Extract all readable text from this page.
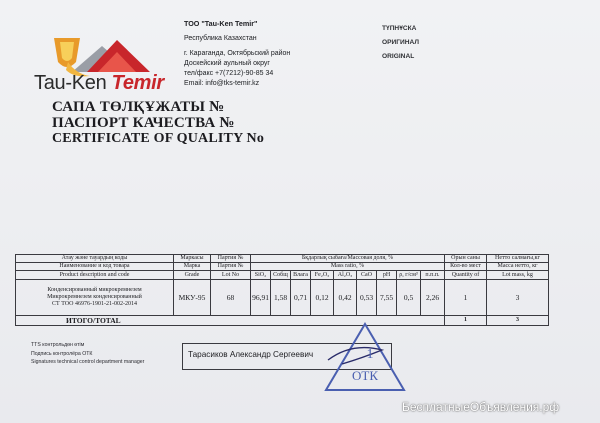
Tau-Ken Temir
ТОО "Tau-Ken Temir"
Республика Казахстан
г. Караганда, Октябрьский район
Доскейский аульный округ
тел/факс +7(7212)-90-85 34
Email: info@tks-temir.kz
ТҮПНҰСКА
ОРИГИНАЛ
ORIGINAL
САПА ТӨЛҚҰЖАТЫ №
ПАСПОРТ КАЧЕСТВА №
CERTIFICATE OF QUALITY No
Атау және тауардың коды	Маркасы	Партия №	Бқдарлық сыбаға/Массовая доля, %									Орын саны	Нетто салмағы,кг
Наименование и код товара	Марка	Партия №	Mass ratio, %									Кол-во мест	Масса нетто, кг
Product description and code	Grade	Lot No	SiO₂	Собщ	Влага	Fe₂O₃	Al₂O₃	CaO	pH	ρ, г/см³	п.п.п.	Quantity of	Lot mass, kg

Конденсированный микрокремнезем
Микрокремнезем конденсированный
СТ ТОО 46976-1901-21-002-2014	МКУ-95	68	96,91	1,58	0,71	0,12	0,42	0,53	7,55	0,5	2,26	1	3
ИТОГО/TOTAL												1	3
TTS контрольдөн өтім
Подпись контролёра ОТК
Signatures technical control department manager
Тарасиков Александр Сергеевич	1
ОТК
БесплатныеОбъявления.рф
